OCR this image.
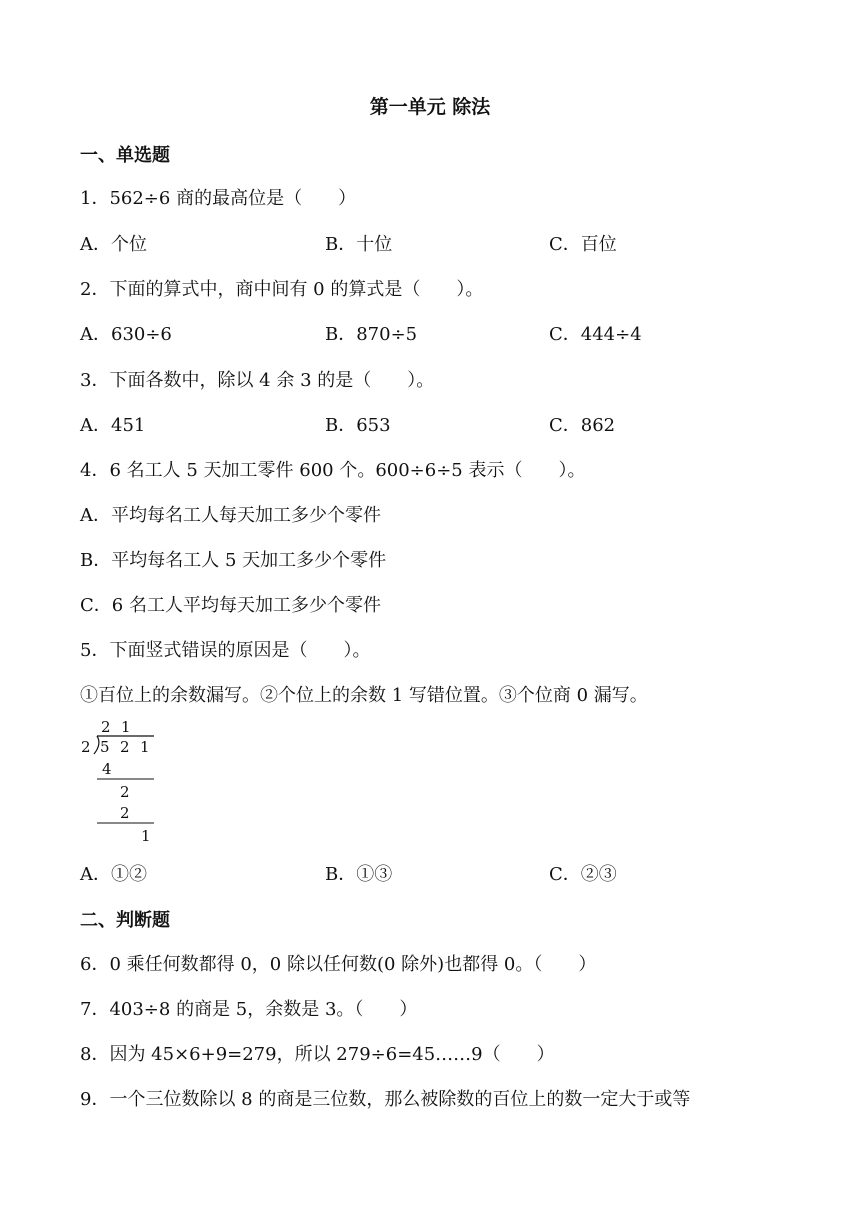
第一单元 除法
一、单选题
1．562÷6 商的最高位是（　　）
A．个位	B．十位	C．百位
2．下面的算式中，商中间有 0 的算式是（　　）。
A．630÷6	B．870÷5	C．444÷4
3．下面各数中，除以 4 余 3 的是（　　）。
A．451	B．653	C．862
4．6 名工人 5 天加工零件 600 个。600÷6÷5 表示（　　）。
A．平均每名工人每天加工多少个零件
B．平均每名工人 5 天加工多少个零件
C．6 名工人平均每天加工多少个零件
5．下面竖式错误的原因是（　　）。
①百位上的余数漏写。②个位上的余数 1 写错位置。③个位商 0 漏写。
2 1
2 5 2 1
4
2
2
1
A．①②	B．①③	C．②③
二、判断题
6．0 乘任何数都得 0，0 除以任何数(0 除外)也都得 0。（　　）
7．403÷8 的商是 5，余数是 3。（　　）
8．因为 45×6+9=279，所以 279÷6=45……9（　　）
9．一个三位数除以 8 的商是三位数，那么被除数的百位上的数一定大于或等
